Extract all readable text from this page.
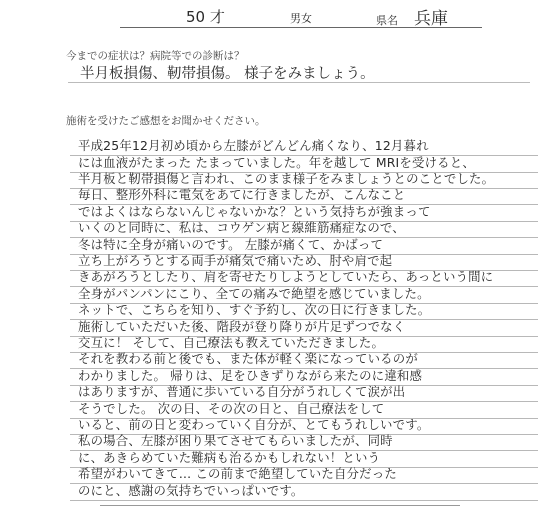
50 才	男女	県名 兵庫
今までの症状は？病院等での診断は？
半月板損傷、靭帯損傷。 様子をみましょう。
施術を受けたご感想をお聞かせください。
平成25年12月初め頃から左膝がどんどん痛くなり、12月暮れ
には血液がたまった たまっていました。年を越して MRIを受けると、
半月板と靭帯損傷と言われ、このまま様子をみましょうとのことでした。
毎日、整形外科に電気をあてに行きましたが、こんなこと
ではよくはならないんじゃないかな？という気持ちが強まって
いくのと同時に、私は、コウゲン病と線維筋痛症なので、
冬は特に全身が痛いのです。 左膝が痛くて、かばって
立ち上がろうとする両手が痛気で痛いため、肘や肩で起
きあがろうとしたり、肩を寄せたりしようとしていたら、あっという間に
全身がパンパンにこり、全ての痛みで絶望を感じていました。
ネットで、こちらを知り、すぐ予約し、次の日に行きました。
施術していただいた後、階段が登り降りが片足ずつでなく
交互に！ そして、自己療法も教えていただきました。
それを教わる前と後でも、また体が軽く楽になっているのが
わかりました。 帰りは、足をひきずりながら来たのに違和感
はありますが、普通に歩いている自分がうれしくて涙が出
そうでした。 次の日、その次の日と、自己療法をして
いると、前の日と変わっていく自分が、とてもうれしいです。
私の場合、左膝が困り果てさせてもらいましたが、同時
に、あきらめていた難病も治るかもしれない！という
希望がわいてきて… この前まで絶望していた自分だった
のにと、感謝の気持ちでいっぱいです。
